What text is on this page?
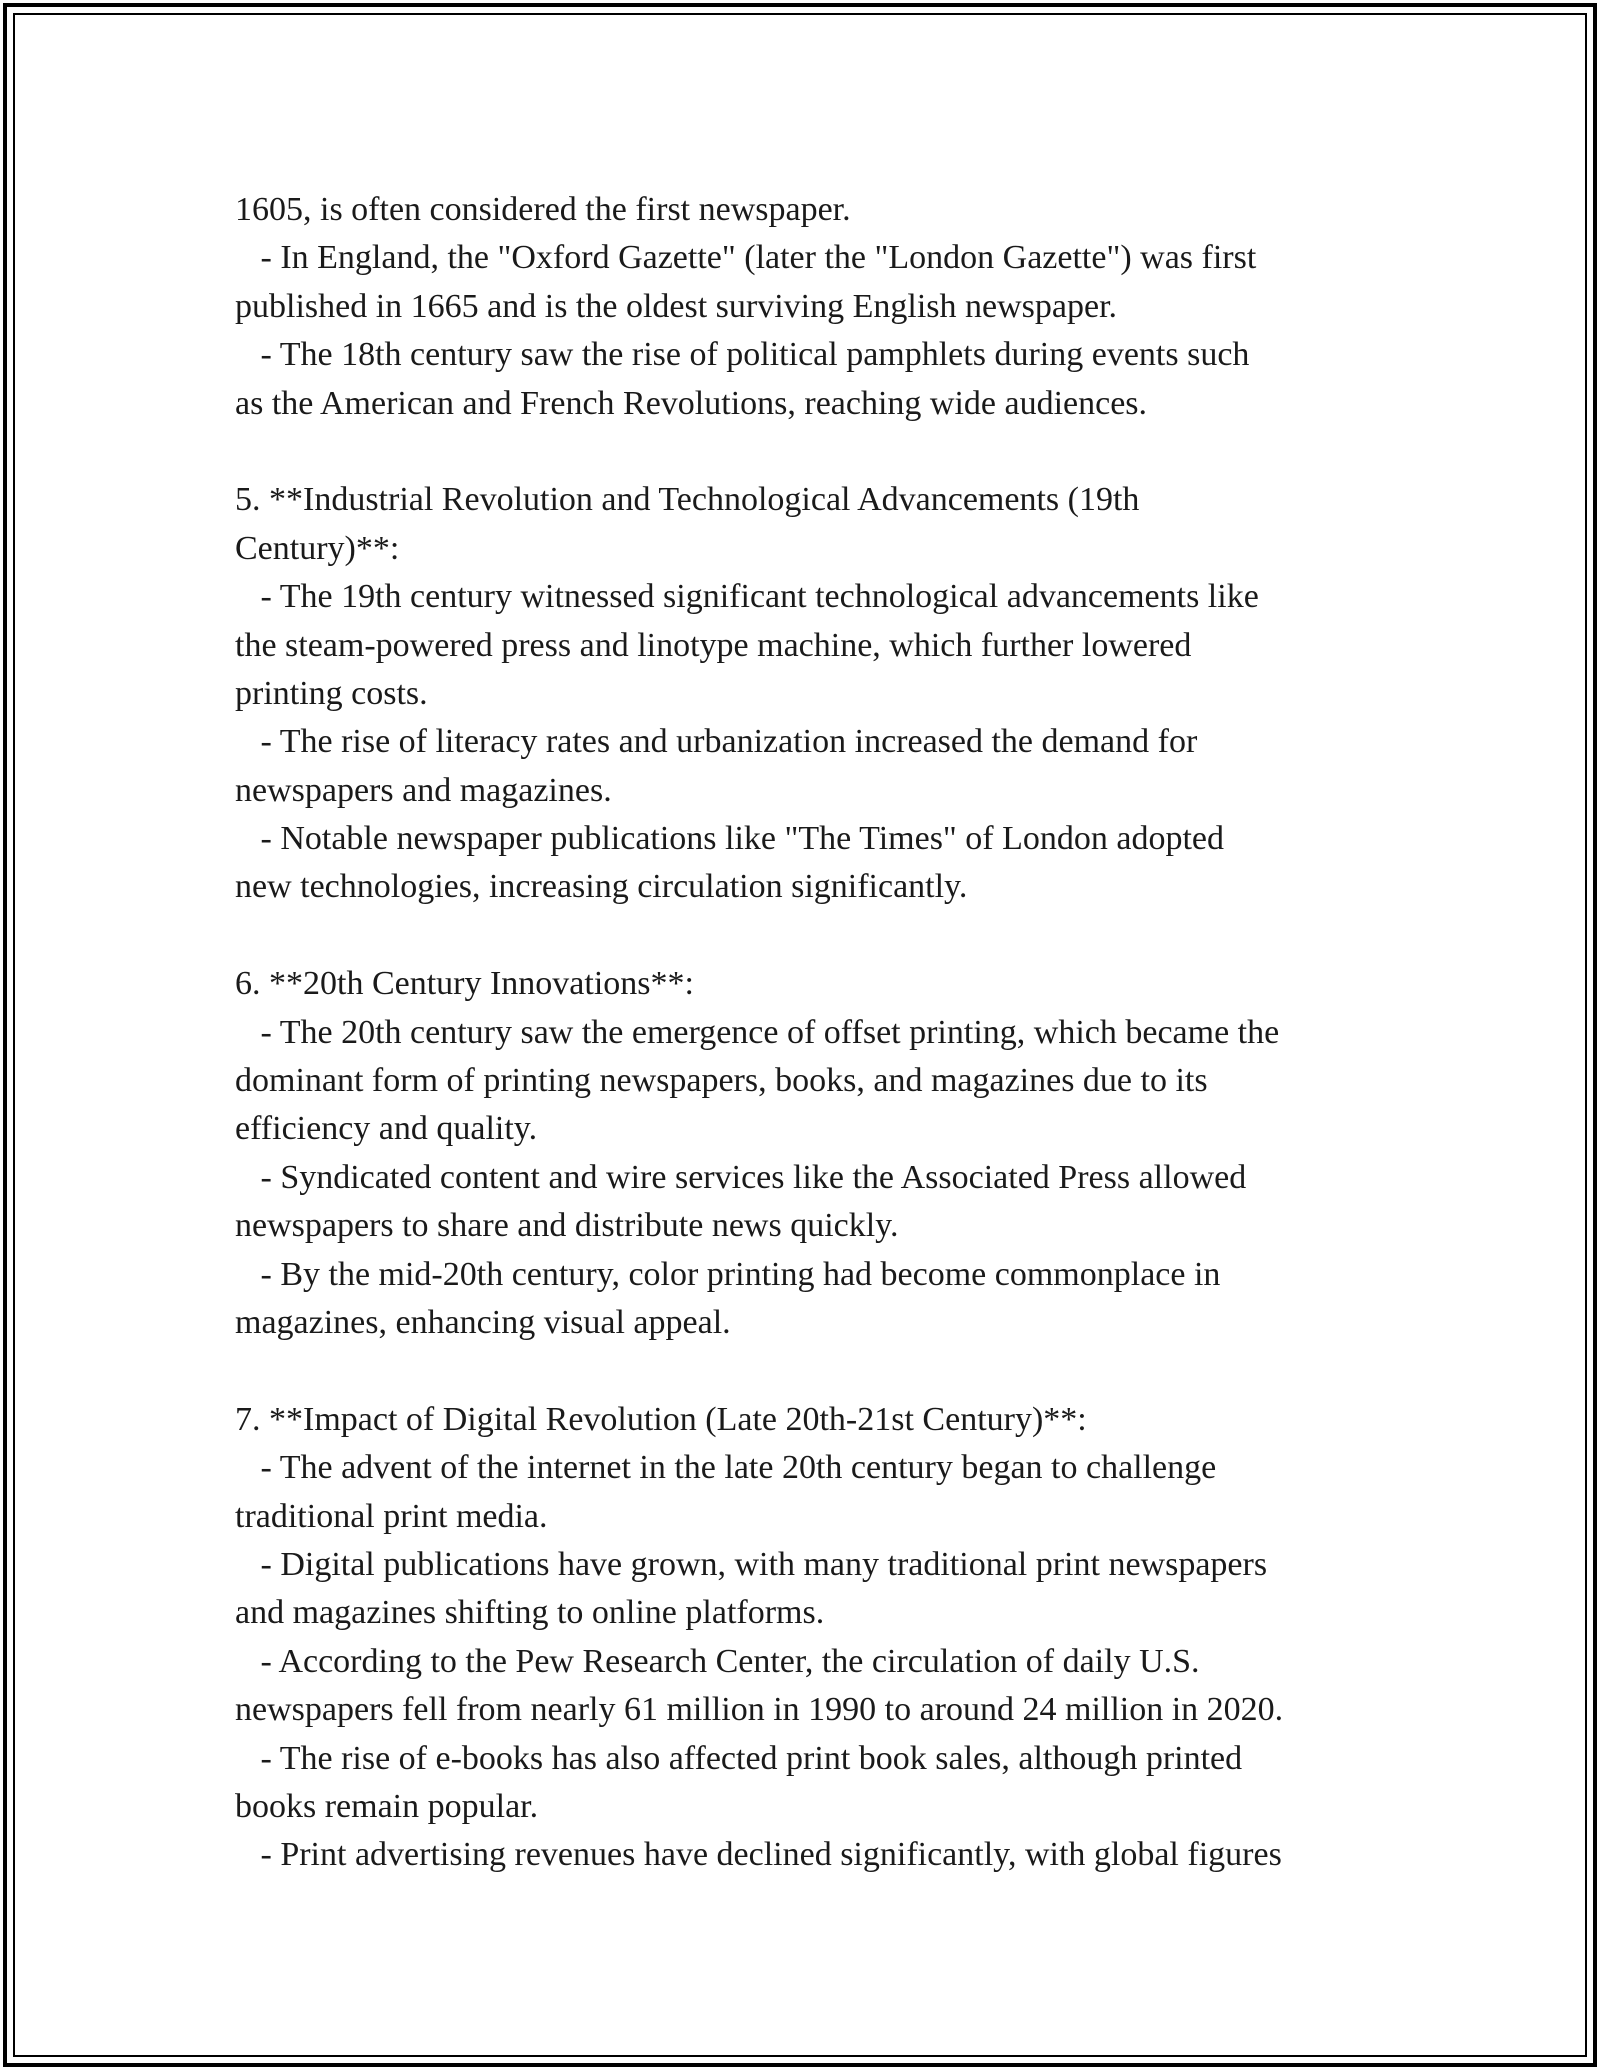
1605, is often considered the first newspaper.
- In England, the "Oxford Gazette" (later the "London Gazette") was first
published in 1665 and is the oldest surviving English newspaper.
- The 18th century saw the rise of political pamphlets during events such
as the American and French Revolutions, reaching wide audiences.
5. **Industrial Revolution and Technological Advancements (19th
Century)**:
- The 19th century witnessed significant technological advancements like
the steam-powered press and linotype machine, which further lowered
printing costs.
- The rise of literacy rates and urbanization increased the demand for
newspapers and magazines.
- Notable newspaper publications like "The Times" of London adopted
new technologies, increasing circulation significantly.
6. **20th Century Innovations**:
- The 20th century saw the emergence of offset printing, which became the
dominant form of printing newspapers, books, and magazines due to its
efficiency and quality.
- Syndicated content and wire services like the Associated Press allowed
newspapers to share and distribute news quickly.
- By the mid-20th century, color printing had become commonplace in
magazines, enhancing visual appeal.
7. **Impact of Digital Revolution (Late 20th-21st Century)**:
- The advent of the internet in the late 20th century began to challenge
traditional print media.
- Digital publications have grown, with many traditional print newspapers
and magazines shifting to online platforms.
- According to the Pew Research Center, the circulation of daily U.S.
newspapers fell from nearly 61 million in 1990 to around 24 million in 2020.
- The rise of e-books has also affected print book sales, although printed
books remain popular.
- Print advertising revenues have declined significantly, with global figures
